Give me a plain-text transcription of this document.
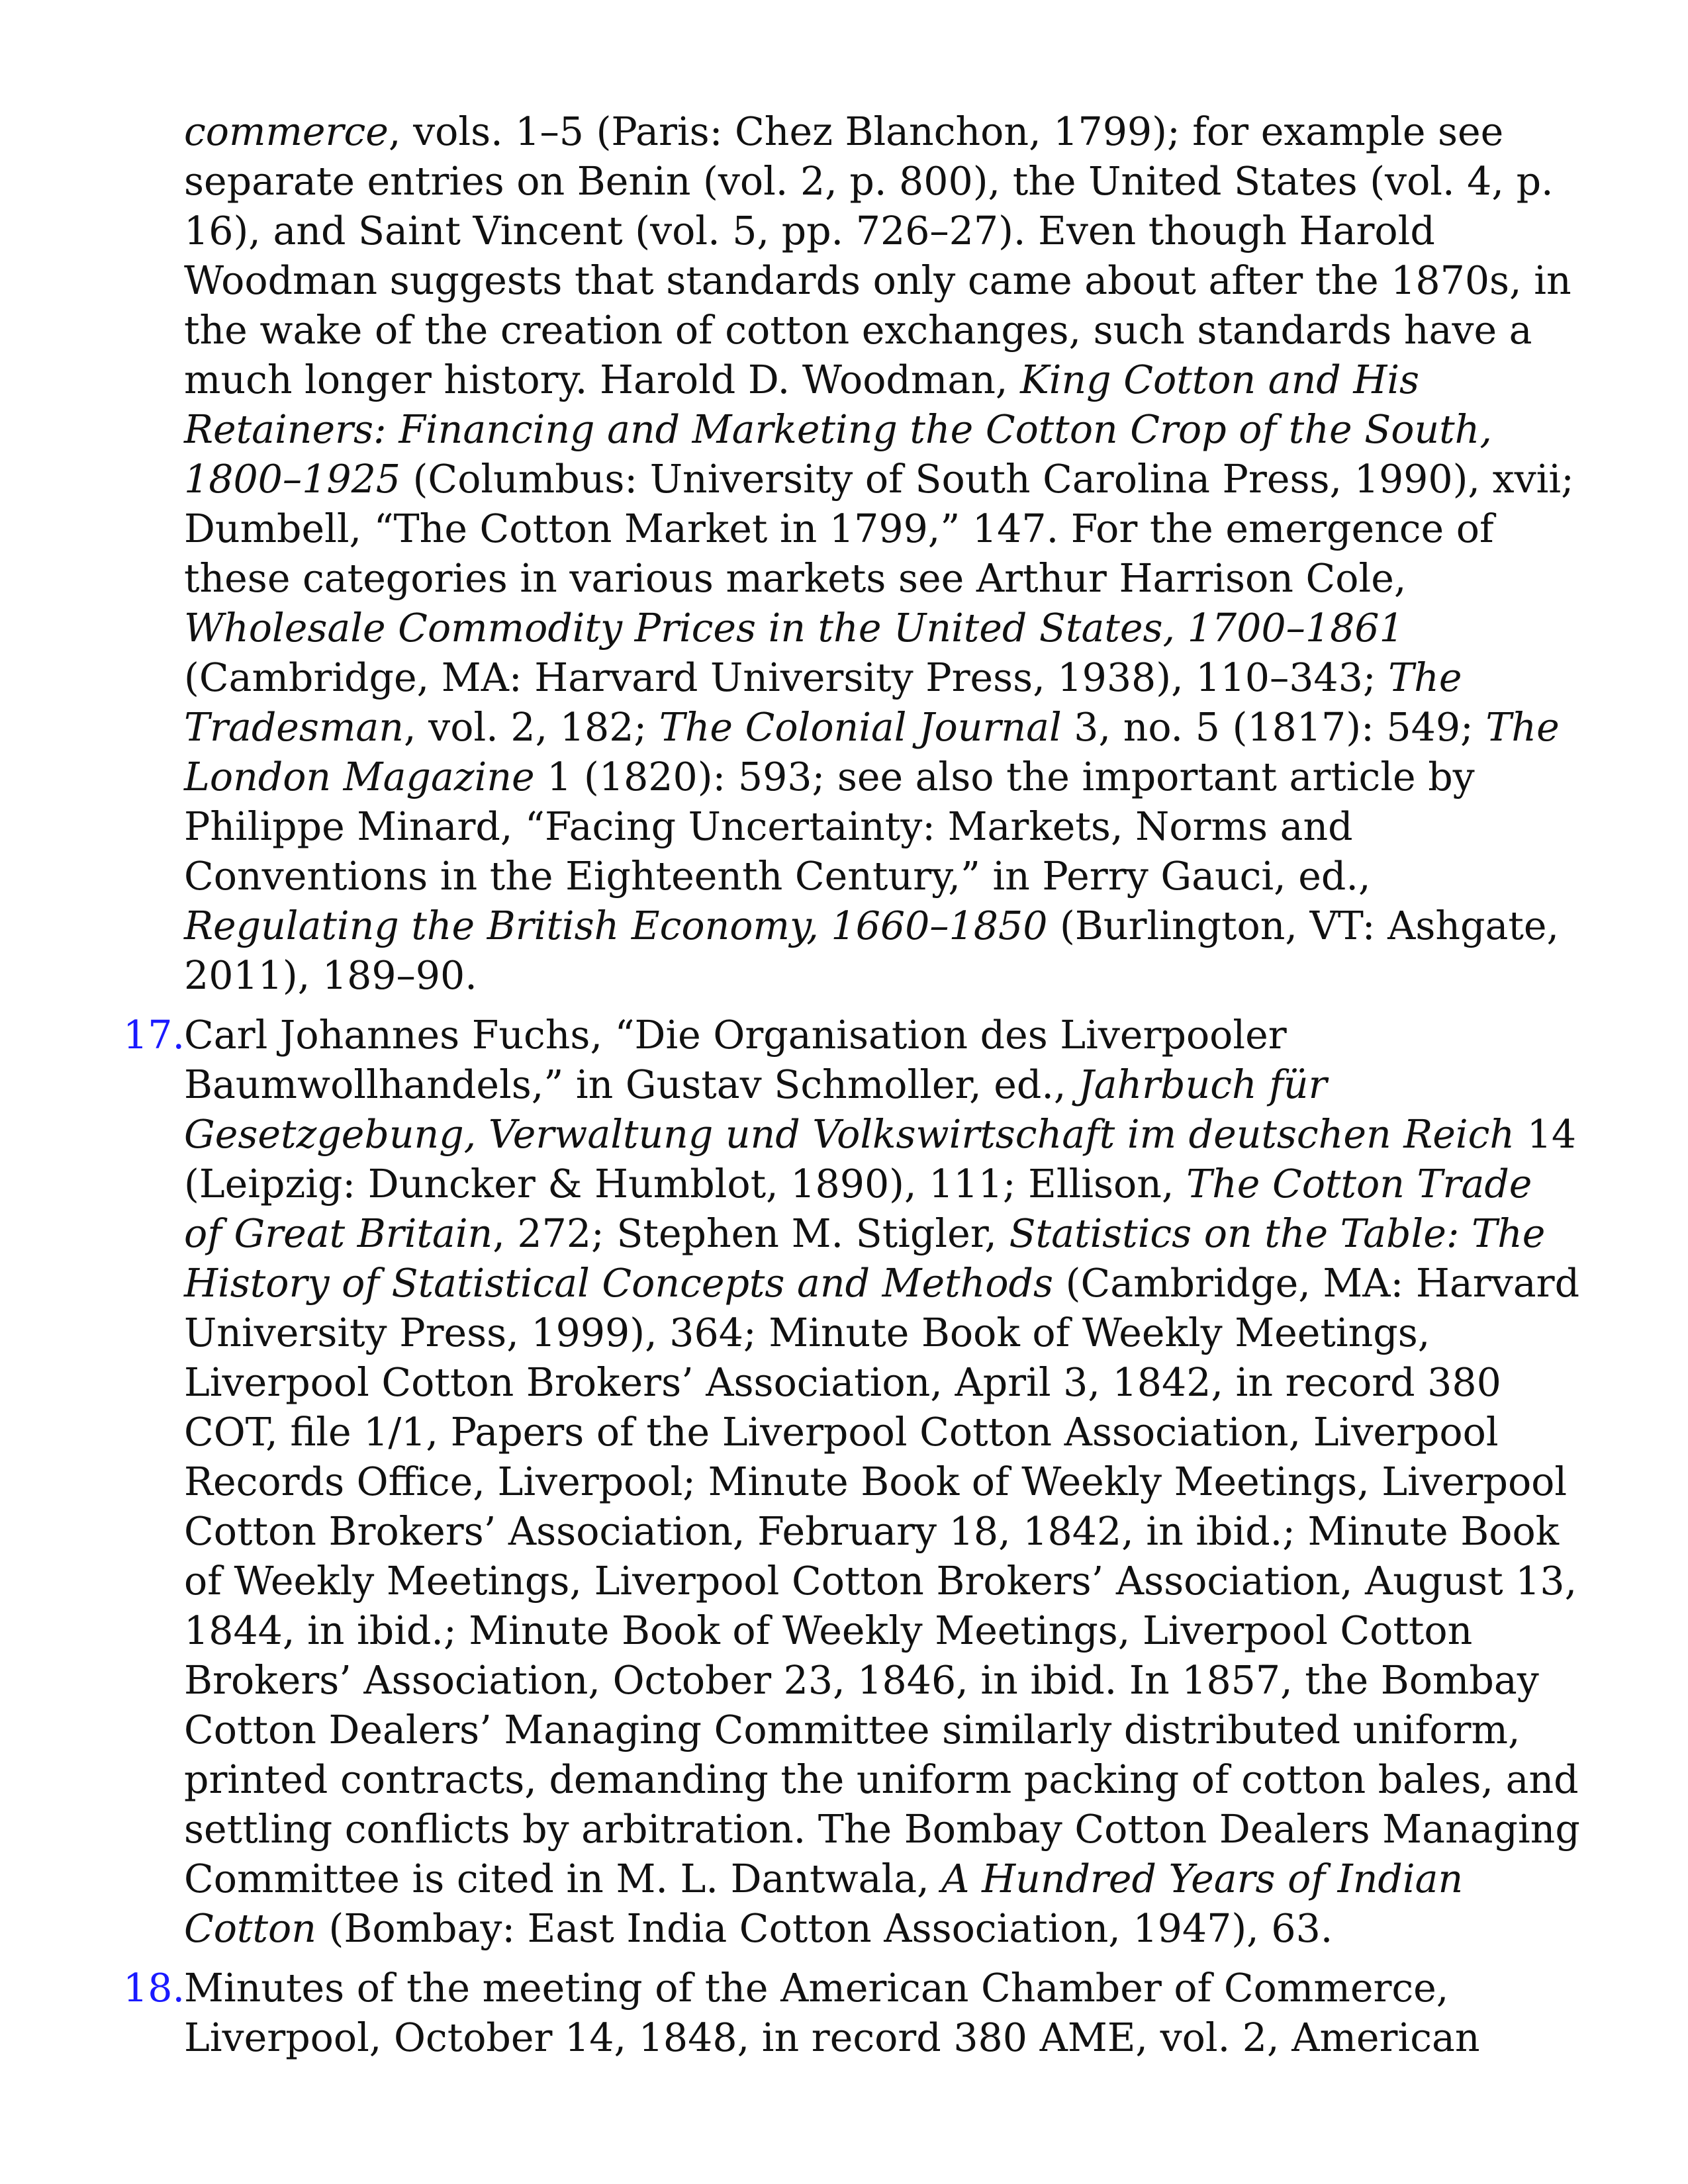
commerce, vols. 1–5 (Paris: Chez Blanchon, 1799); for example see separate entries on Benin (vol. 2, p. 800), the United States (vol. 4, p. 16), and Saint Vincent (vol. 5, pp. 726–27). Even though Harold Woodman suggests that standards only came about after the 1870s, in the wake of the creation of cotton exchanges, such standards have a much longer history. Harold D. Woodman, King Cotton and His Retainers: Financing and Marketing the Cotton Crop of the South, 1800–1925 (Columbus: University of South Carolina Press, 1990), xvii; Dumbell, “The Cotton Market in 1799,” 147. For the emergence of these categories in various markets see Arthur Harrison Cole, Wholesale Commodity Prices in the United States, 1700–1861 (Cambridge, MA: Harvard University Press, 1938), 110–343; The Tradesman, vol. 2, 182; The Colonial Journal 3, no. 5 (1817): 549; The London Magazine 1 (1820): 593; see also the important article by Philippe Minard, “Facing Uncertainty: Markets, Norms and Conventions in the Eighteenth Century,” in Perry Gauci, ed., Regulating the British Economy, 1660–1850 (Burlington, VT: Ashgate, 2011), 189–90.

17.
Carl Johannes Fuchs, “Die Organisation des Liverpooler Baumwollhandels,” in Gustav Schmoller, ed., Jahrbuch für Gesetzgebung, Verwaltung und Volkswirtschaft im deutschen Reich 14 (Leipzig: Duncker & Humblot, 1890), 111; Ellison, The Cotton Trade of Great Britain, 272; Stephen M. Stigler, Statistics on the Table: The History of Statistical Concepts and Methods (Cambridge, MA: Harvard University Press, 1999), 364; Minute Book of Weekly Meetings, Liverpool Cotton Brokers’ Association, April 3, 1842, in record 380 COT, file 1/1, Papers of the Liverpool Cotton Association, Liverpool Records Office, Liverpool; Minute Book of Weekly Meetings, Liverpool Cotton Brokers’ Association, February 18, 1842, in ibid.; Minute Book of Weekly Meetings, Liverpool Cotton Brokers’ Association, August 13, 1844, in ibid.; Minute Book of Weekly Meetings, Liverpool Cotton Brokers’ Association, October 23, 1846, in ibid. In 1857, the Bombay Cotton Dealers’ Managing Committee similarly distributed uniform, printed contracts, demanding the uniform packing of cotton bales, and settling conflicts by arbitration. The Bombay Cotton Dealers Managing Committee is cited in M. L. Dantwala, A Hundred Years of Indian Cotton (Bombay: East India Cotton Association, 1947), 63.

18.
Minutes of the meeting of the American Chamber of Commerce, Liverpool, October 14, 1848, in record 380 AME, vol. 2, American
